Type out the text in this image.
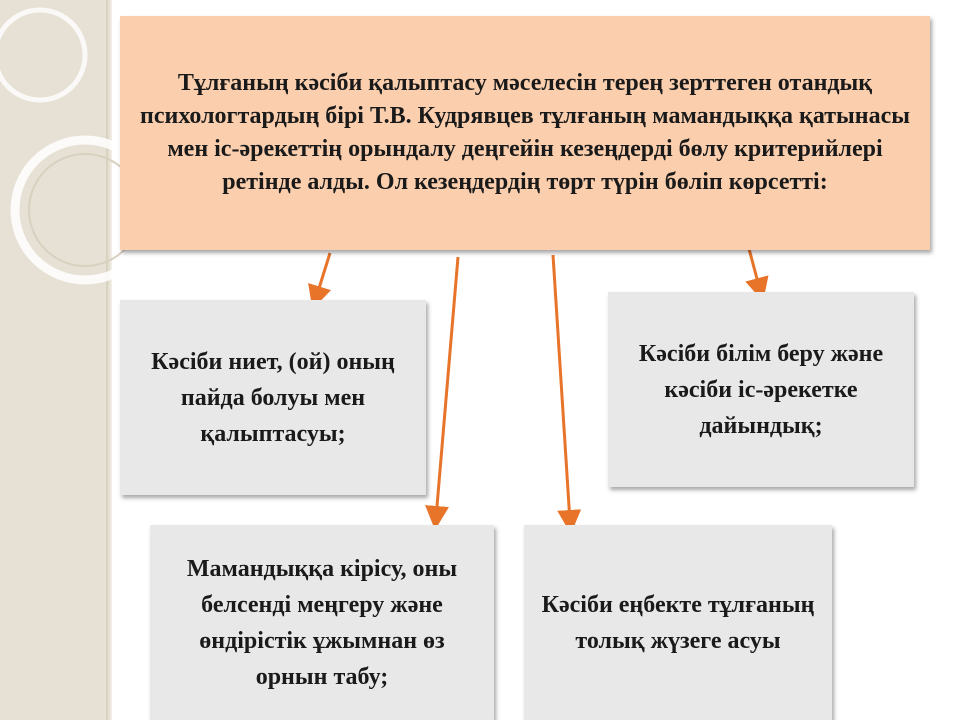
Тұлғаның кәсіби қалыптасу мәселесін терең зерттеген отандық психологтардың бірі Т.В. Кудрявцев тұлғаның мамандыққа қатынасы мен іс-әрекеттің орындалу деңгейін кезеңдерді бөлу критерийлері ретінде алды. Ол кезеңдердің төрт түрін бөліп көрсетті:
Кәсіби ниет, (ой) оның пайда болуы мен қалыптасуы;
Кәсіби білім беру және кәсіби іс-әрекетке дайындық;
Мамандыққа кірісу, оны белсенді меңгеру және өндірістік ұжымнан өз орнын табу;
Кәсіби еңбекте тұлғаның толық жүзеге асуы
